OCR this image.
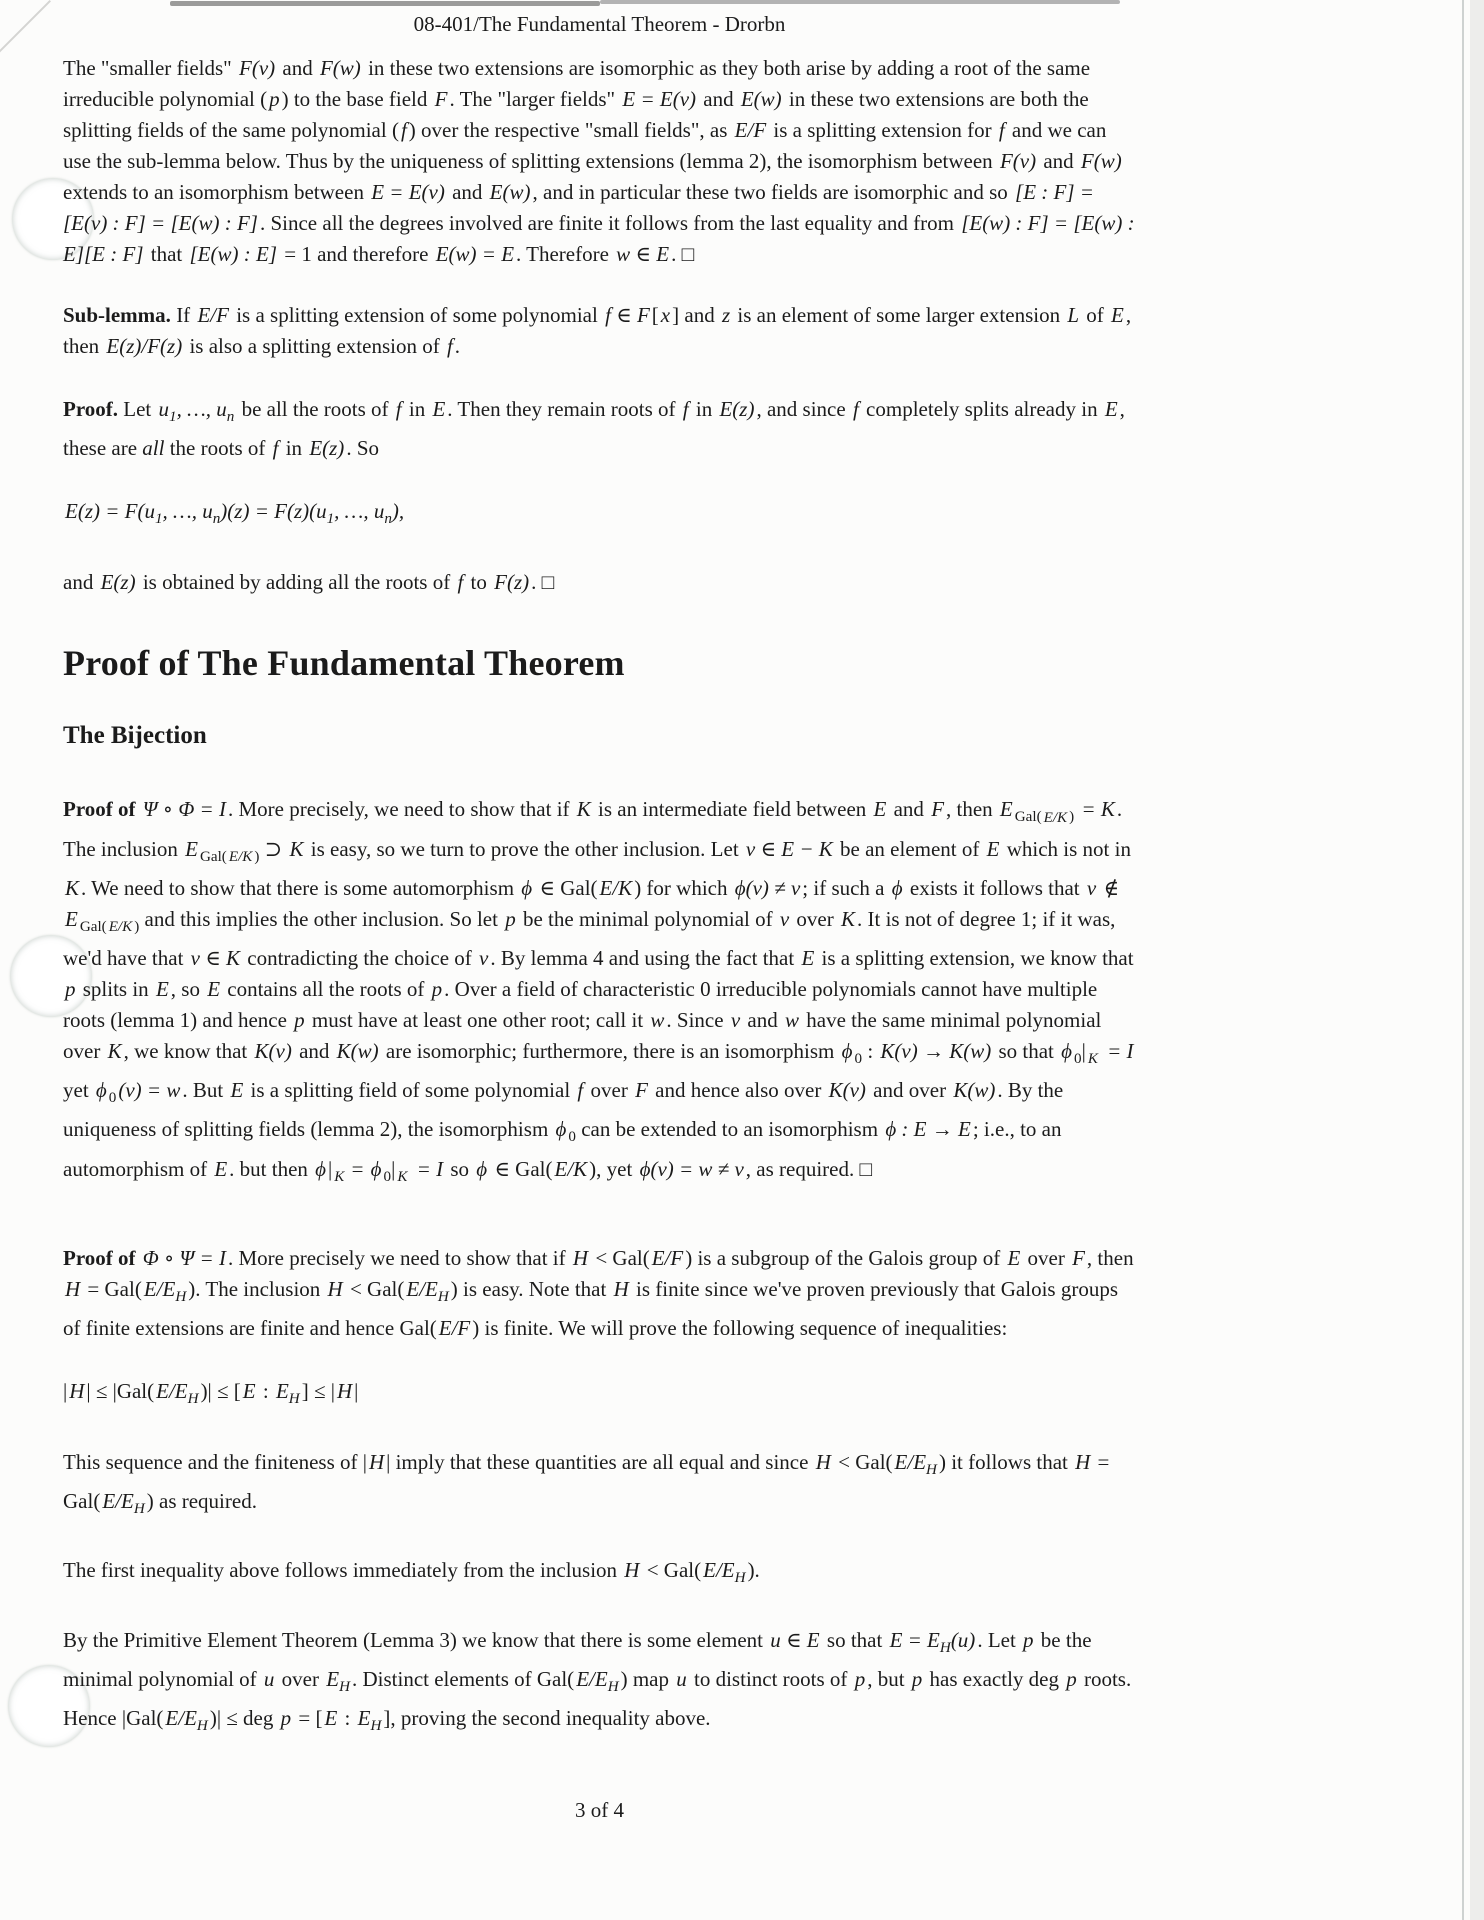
08-401/The Fundamental Theorem - Drorbn
The "smaller fields" F(v) and F(w) in these two extensions are isomorphic as they both arise by adding a root of the same irreducible polynomial (p) to the base field F. The "larger fields" E = E(v) and E(w) in these two extensions are both the splitting fields of the same polynomial (f) over the respective "small fields", as E/F is a splitting extension for f and we can use the sub-lemma below. Thus by the uniqueness of splitting extensions (lemma 2), the isomorphism between F(v) and F(w) extends to an isomorphism between E = E(v) and E(w), and in particular these two fields are isomorphic and so [E : F] = [E(v) : F] = [E(w) : F]. Since all the degrees involved are finite it follows from the last equality and from [E(w) : F] = [E(w) : E][E : F] that [E(w) : E] = 1 and therefore E(w) = E. Therefore w ∈ E. □
Sub-lemma. If E/F is a splitting extension of some polynomial f ∈ F[x] and z is an element of some larger extension L of E, then E(z)/F(z) is also a splitting extension of f.
Proof. Let $u_1$, …, $u_n$ be all the roots of f in E. Then they remain roots of f in E(z), and since f completely splits already in E, these are all the roots of f in E(z). So
$E(z) = F(u_1$, …, $u_n)(z) = F(z)(u_1$, …, $u_n$),
and E(z) is obtained by adding all the roots of f to F(z). □
Proof of The Fundamental Theorem
The Bijection
Proof of Ψ ∘ Φ = I. More precisely, we need to show that if K is an intermediate field between E and F, then E $_{Gal( E/K )}$ = K. The inclusion E $_{Gal( E/K )}$ ⊃ K is easy, so we turn to prove the other inclusion. Let v ∈ E − K be an element of E which is not in K. We need to show that there is some automorphism ϕ ∈ Gal(E/K) for which ϕ(v) ≠ v; if such a ϕ exists it follows that v ∉ E $_{Gal( E/K )}$ and this implies the other inclusion. So let p be the minimal polynomial of v over K. It is not of degree 1; if it was, we'd have that v ∈ K contradicting the choice of v. By lemma 4 and using the fact that E is a splitting extension, we know that p splits in E, so E contains all the roots of p. Over a field of characteristic 0 irreducible polynomials cannot have multiple roots (lemma 1) and hence p must have at least one other root; call it w. Since v and w have the same minimal polynomial over K, we know that K(v) and K(w) are isomorphic; furthermore, there is an isomorphism ϕ $_0$ : K(v) → K(w) so that ϕ $_0$| $_K$ = I yet ϕ $_0$(v) = w. But E is a splitting field of some polynomial f over F and hence also over K(v) and over K(w). By the uniqueness of splitting fields (lemma 2), the isomorphism ϕ $_0$ can be extended to an isomorphism ϕ : E → E; i.e., to an automorphism of E. but then ϕ| $_K$ = ϕ $_0$| $_K$ = I so ϕ ∈ Gal(E/K), yet ϕ(v) = w ≠ v, as required. □
Proof of Φ ∘ Ψ = I. More precisely we need to show that if H < Gal(E/F) is a subgroup of the Galois group of E over F, then $H = Gal(E/E_H)$. The inclusion $H < Gal(E/E_H)$ is easy. Note that H is finite since we've proven previously that Galois groups of finite extensions are finite and hence Gal(E/F) is finite. We will prove the following sequence of inequalities:
$|H| \le |Gal(E/E_H)| \le [E$ : $E_H] \le |H|$
This sequence and the finiteness of |H| imply that these quantities are all equal and since $H < Gal(E/E_H)$ it follows that $H = Gal(E/E_H)$ as required.
The first inequality above follows immediately from the inclusion $H < Gal(E/E_H)$.
By the Primitive Element Theorem (Lemma 3) we know that there is some element u ∈ E so that $E = E_H(u)$. Let p be the minimal polynomial of u over $E_H$. Distinct elements of $Gal(E/E_H)$ map u to distinct roots of p, but p has exactly deg p roots. Hence $|Gal(E/E_H)|$ ≤ deg p = [E : $E_H$], proving the second inequality above.
3 of 4
